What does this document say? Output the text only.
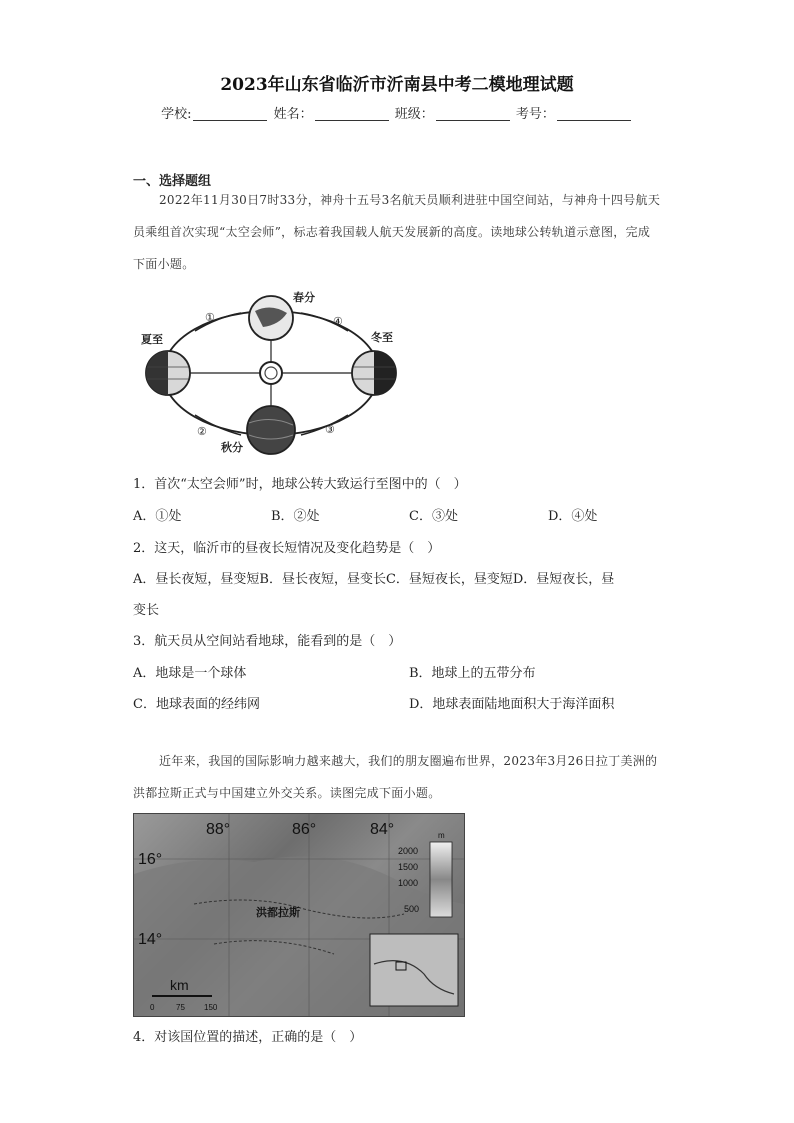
2023年山东省临沂市沂南县中考二模地理试题
学校:	姓名：	班级：	考号：
一、选择题组
2022年11月30日7时33分，神舟十五号3名航天员顺利进驻中国空间站，与神舟十四号航天员乘组首次实现“太空会师”，标志着我国载人航天发展新的高度。读地球公转轨道示意图，完成下面小题。
春分
夏至	冬至
秋分
①	④
②	③
1．首次“太空会师”时，地球公转大致运行至图中的（　）
A．①处	B．②处	C．③处	D．④处
2．这天，临沂市的昼夜长短情况及变化趋势是（　）
A．昼长夜短，昼变短B．昼长夜短，昼变长C．昼短夜长，昼变短D．昼短夜长，昼
变长
3．航天员从空间站看地球，能看到的是（　）
A．地球是一个球体	B．地球上的五带分布
C．地球表面的经纬网	D．地球表面陆地面积大于海洋面积
近年来，我国的国际影响力越来越大，我们的朋友圈遍布世界，2023年3月26日拉丁美洲的洪都拉斯正式与中国建立外交关系。读图完成下面小题。
88°	86°	84°
16°
14°
洪都拉斯
m
2000
1500
1000
500
km
0	75 150
4．对该国位置的描述，正确的是（　）
